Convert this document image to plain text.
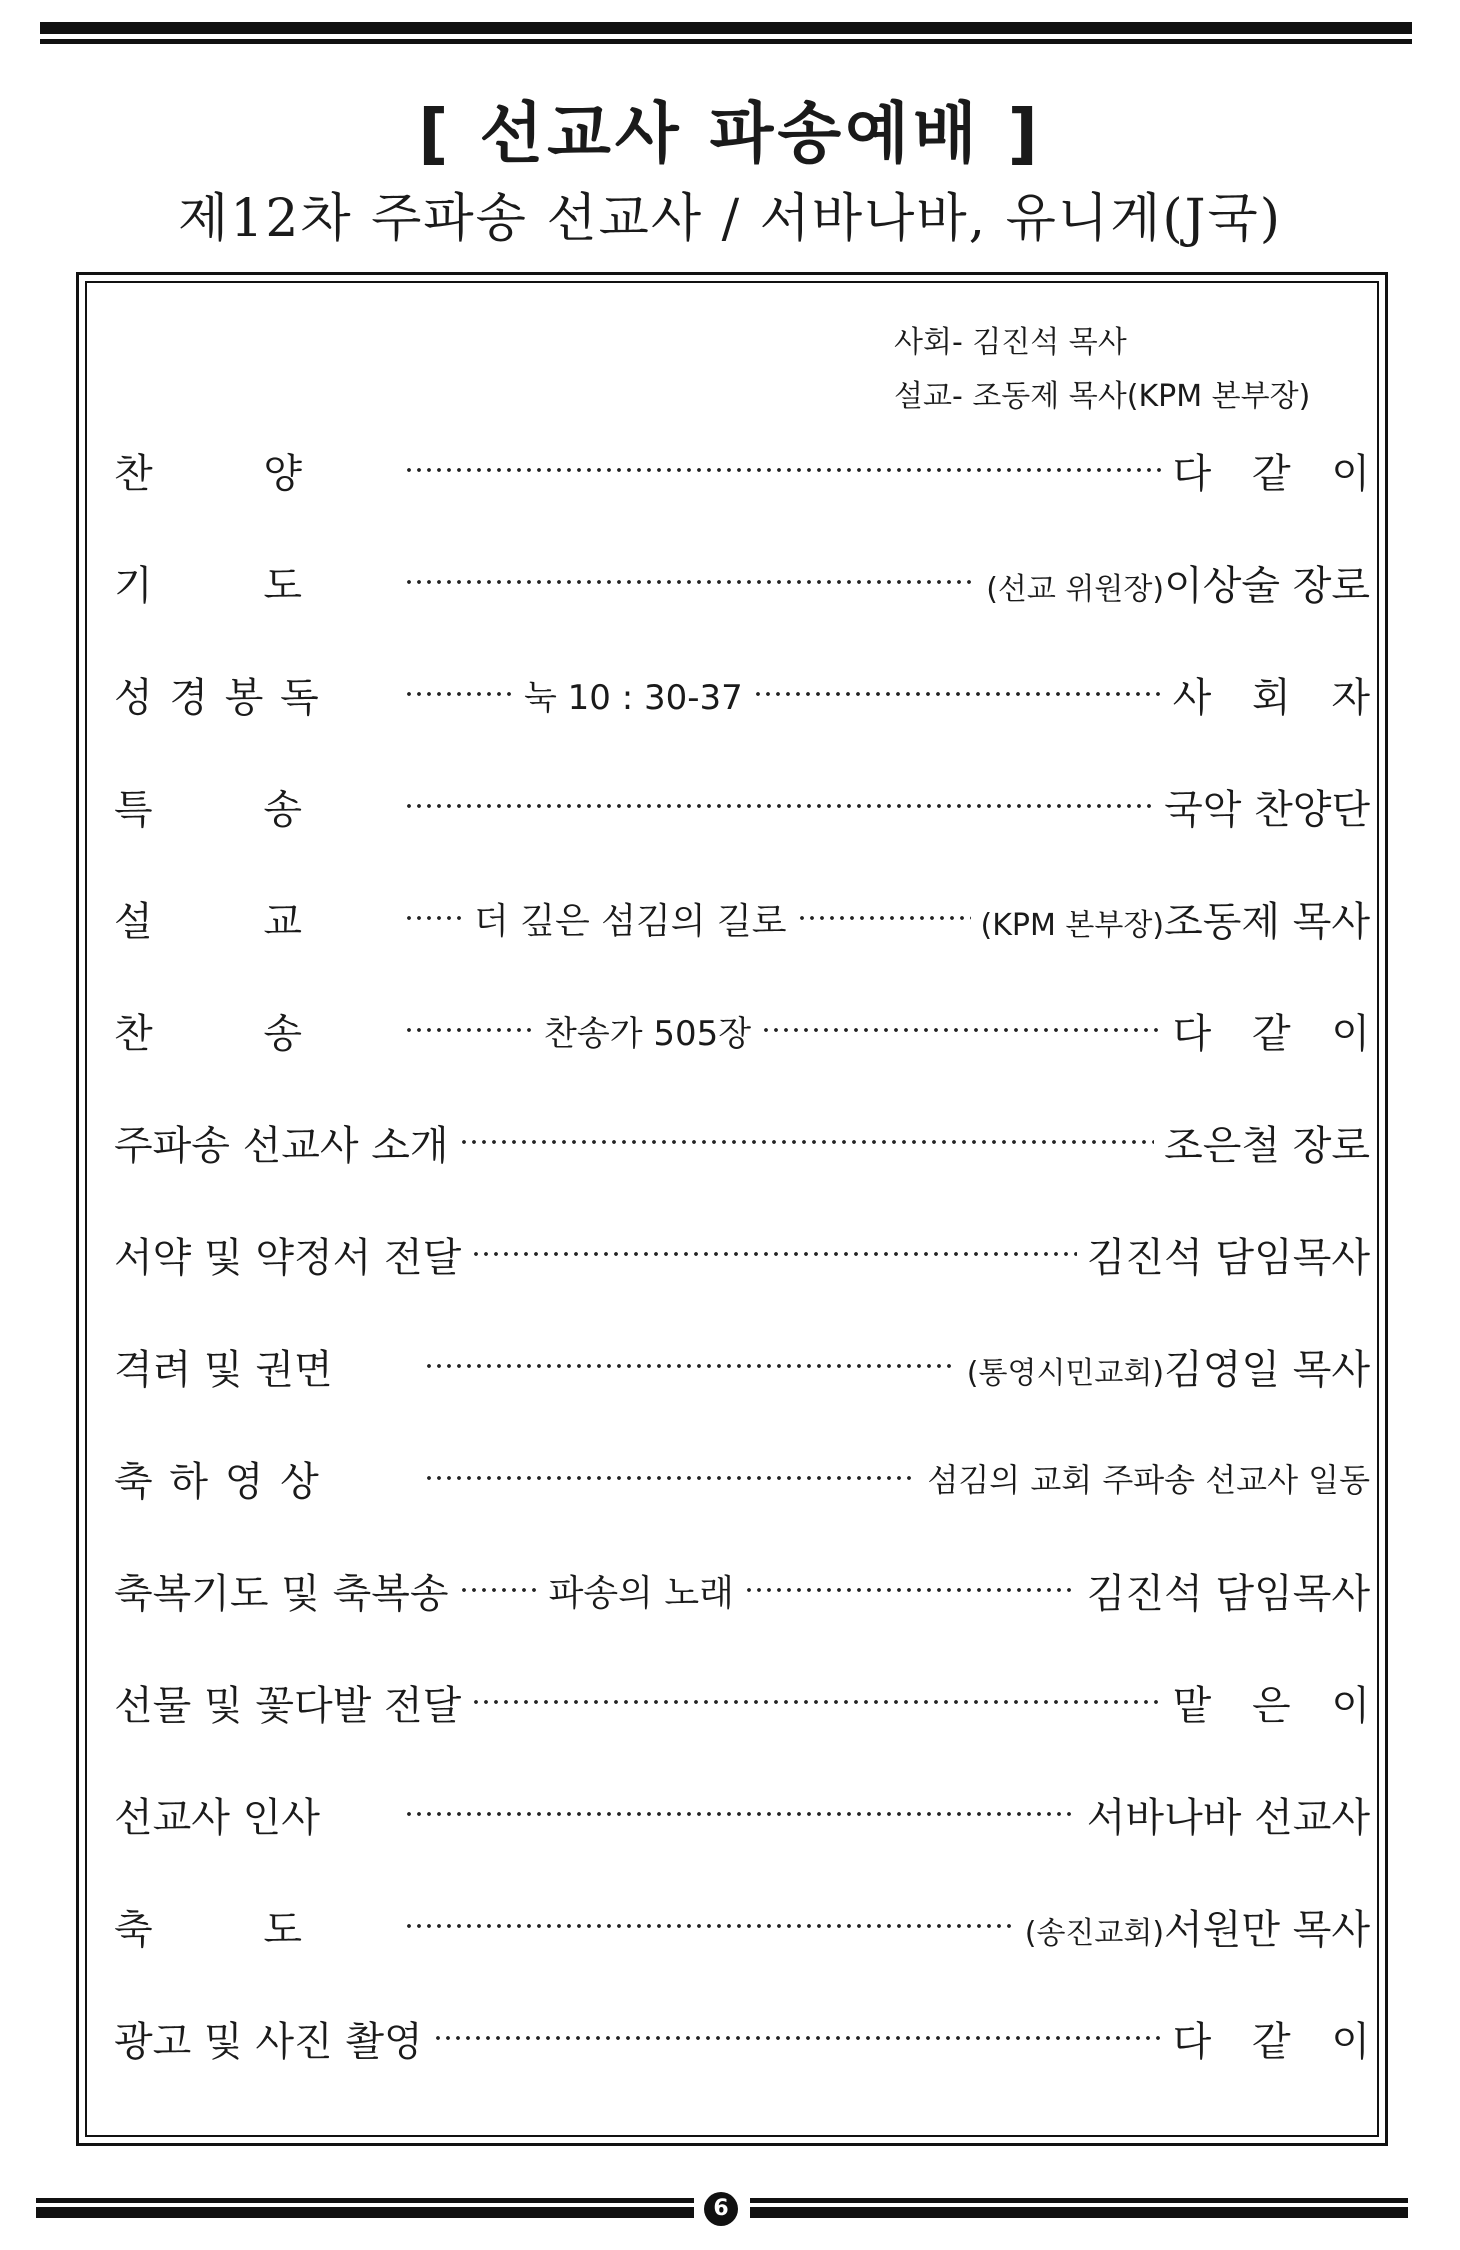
[ 선교사 파송예배 ]
제12차 주파송 선교사 / 서바나바, 유니게(J국)
사회- 김진석 목사
설교- 조동제 목사(KPM 본부장)
찬	양	다 같 이
기	도	(선교 위원장)이상술 장로
성 경 봉 독	눅 10 : 30-37	사 회 자
특	송	국악 찬양단
설	교	더 깊은 섬김의 길로	(KPM 본부장)조동제 목사
찬	송	찬송가 505장	다 같 이
주파송 선교사 소개	조은철 장로
서약 및 약정서 전달	김진석 담임목사
격려 및 권면	(통영시민교회)김영일 목사
축 하 영 상	섬김의 교회 주파송 선교사 일동
축복기도 및 축복송	파송의 노래	김진석 담임목사
선물 및 꽃다발 전달	맡 은 이
선교사 인사	서바나바 선교사
축	도	(송진교회)서원만 목사
광고 및 사진 촬영	다 같 이
6
